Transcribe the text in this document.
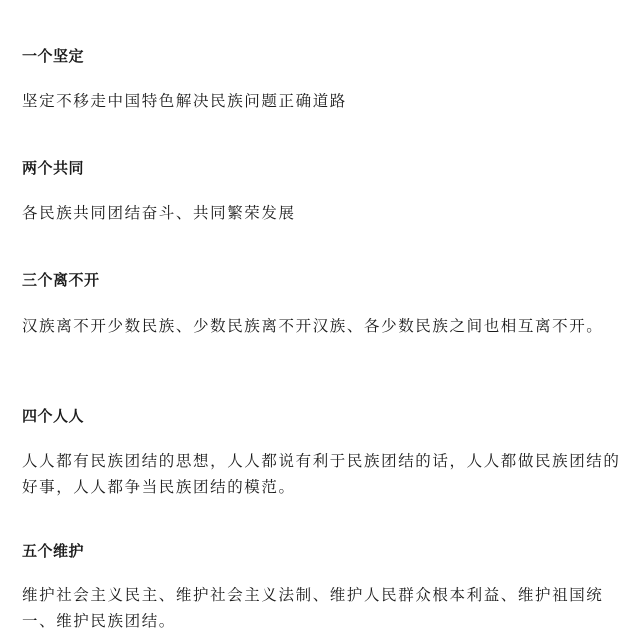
一个坚定

坚定不移走中国特色解决民族问题正确道路

两个共同

各民族共同团结奋斗、共同繁荣发展

三个离不开

汉族离不开少数民族、少数民族离不开汉族、各少数民族之间也相互离不开。

四个人人

人人都有民族团结的思想，人人都说有利于民族团结的话，人人都做民族团结的好事，人人都争当民族团结的模范。

五个维护

维护社会主义民主、维护社会主义法制、维护人民群众根本利益、维护祖国统一、维护民族团结。
